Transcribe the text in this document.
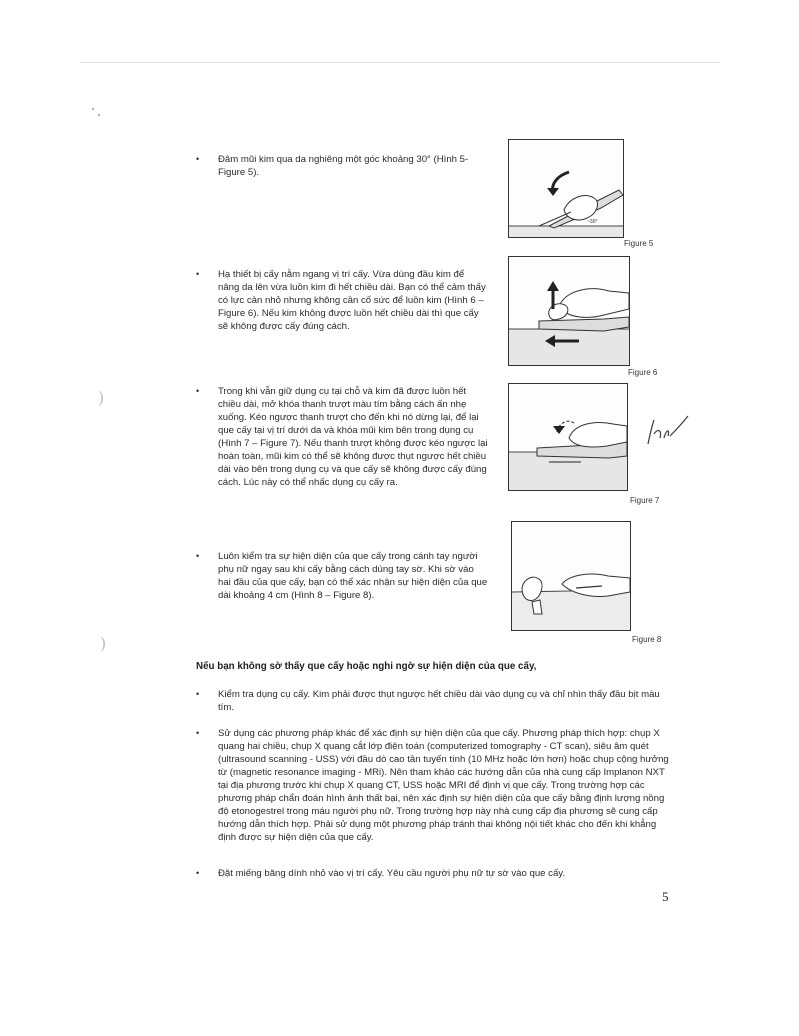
)
)
• Đâm mũi kim qua da nghiêng một góc khoảng 30° (Hình 5- Figure 5).
~30°
Figure 5
• Hạ thiết bị cấy nằm ngang vị trí cấy. Vừa dùng đầu kim để nâng da lên vừa luồn kim đi hết chiều dài. Bạn có thể cảm thấy có lực cản nhỏ nhưng không cần cố sức để luồn kim (Hình 6 – Figure 6). Nếu kim không được luồn hết chiều dài thì que cấy sẽ không được cấy đúng cách.
Figure 6
• Trong khi vẫn giữ dụng cụ tại chỗ và kim đã được luồn hết chiều dài, mở khóa thanh trượt màu tím bằng cách ấn nhẹ xuống. Kéo ngược thanh trượt cho đến khi nó dừng lại, để lại que cấy tại vị trí dưới da và khóa mũi kim bên trong dụng cụ (Hình 7 – Figure 7). Nếu thanh trượt không được kéo ngược lại hoàn toàn, mũi kim có thể sẽ không được thụt ngược hết chiều dài vào bên trong dụng cụ và que cấy sẽ không được cấy đúng cách. Lúc này có thể nhấc dụng cụ cấy ra.
Figure 7
• Luôn kiểm tra sự hiện diện của que cấy trong cánh tay người phụ nữ ngay sau khi cấy bằng cách dùng tay sờ. Khi sờ vào hai đầu của que cấy, bạn có thể xác nhận sự hiện diện của que dài khoảng 4 cm (Hình 8 – Figure 8).
Figure 8
Nếu bạn không sờ thấy que cấy hoặc nghi ngờ sự hiện diện của que cấy,
• Kiểm tra dụng cụ cấy. Kim phải được thụt ngược hết chiều dài vào dụng cụ và chỉ nhìn thấy đầu bịt màu tím.
• Sử dụng các phương pháp khác để xác định sự hiện diện của que cấy. Phương pháp thích hợp: chụp X quang hai chiều, chụp X quang cắt lớp điện toán (computerized tomography - CT scan), siêu âm quét (ultrasound scanning - USS) với đầu dò cao tần tuyến tính (10 MHz hoặc lớn hơn) hoặc chụp cộng hưởng từ (magnetic resonance imaging - MRi). Nên tham khảo các hướng dẫn của nhà cung cấp Implanon NXT tại địa phương trước khi chụp X quang CT, USS hoặc MRI để định vị que cấy. Trong trường hợp các phương pháp chẩn đoán hình ảnh thất bại, nên xác định sự hiện diện của que cấy bằng định lượng nồng độ etonogestrel trong máu người phụ nữ. Trong trường hợp này nhà cung cấp địa phương sẽ cung cấp hướng dẫn thích hợp. Phải sử dụng một phương pháp tránh thai không nội tiết khác cho đến khi khẳng định được sự hiện diện của que cấy.
• Đặt miếng băng dính nhỏ vào vị trí cấy. Yêu cầu người phụ nữ tự sờ vào que cấy.
5
